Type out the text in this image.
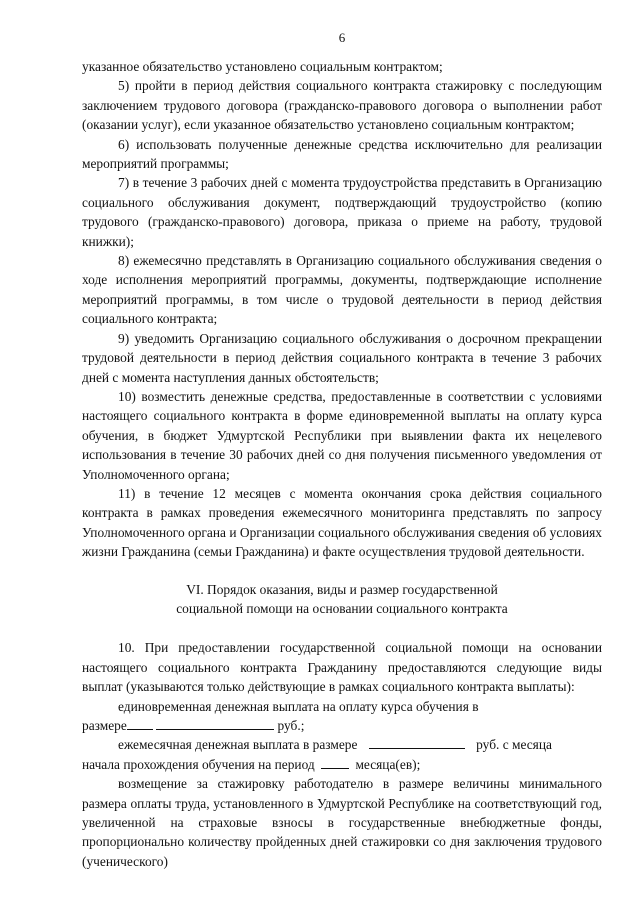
6

указанное обязательство установлено социальным контрактом;

5) пройти в период действия социального контракта стажировку с последующим заключением трудового договора (гражданско-правового договора о выполнении работ (оказании услуг), если указанное обязательство установлено социальным контрактом;

6) использовать полученные денежные средства исключительно для реализации мероприятий программы;

7) в течение 3 рабочих дней с момента трудоустройства представить в Организацию социального обслуживания документ, подтверждающий трудоустройство (копию трудового (гражданско-правового) договора, приказа о приеме на работу, трудовой книжки);

8) ежемесячно представлять в Организацию социального обслуживания сведения о ходе исполнения мероприятий программы, документы, подтверждающие исполнение мероприятий программы, в том числе о трудовой деятельности в период действия социального контракта;

9) уведомить Организацию социального обслуживания о досрочном прекращении трудовой деятельности в период действия социального контракта в течение 3 рабочих дней с момента наступления данных обстоятельств;

10) возместить денежные средства, предоставленные в соответствии с условиями настоящего социального контракта в форме единовременной выплаты на оплату курса обучения, в бюджет Удмуртской Республики при выявлении факта их нецелевого использования в течение 30 рабочих дней со дня получения письменного уведомления от Уполномоченного органа;

11) в течение 12 месяцев с момента окончания срока действия социального контракта в рамках проведения ежемесячного мониторинга представлять по запросу Уполномоченного органа и Организации социального обслуживания сведения об условиях жизни Гражданина (семьи Гражданина) и факте осуществления трудовой деятельности.

VI. Порядок оказания, виды и размер государственной
социальной помощи на основании социального контракта

10. При предоставлении государственной социальной помощи на основании настоящего социального контракта Гражданину предоставляются следующие виды выплат (указываются только действующие в рамках социального контракта выплаты):

единовременная денежная выплата на оплату курса обучения в

размере	руб.;

ежемесячная денежная выплата в размере	руб. с месяца

начала прохождения обучения на период	месяца(ев);

возмещение за стажировку работодателю в размере величины минимального размера оплаты труда, установленного в Удмуртской Республике на соответствующий год, увеличенной на страховые взносы в государственные внебюджетные фонды, пропорционально количеству пройденных дней стажировки со дня заключения трудового (ученического)
